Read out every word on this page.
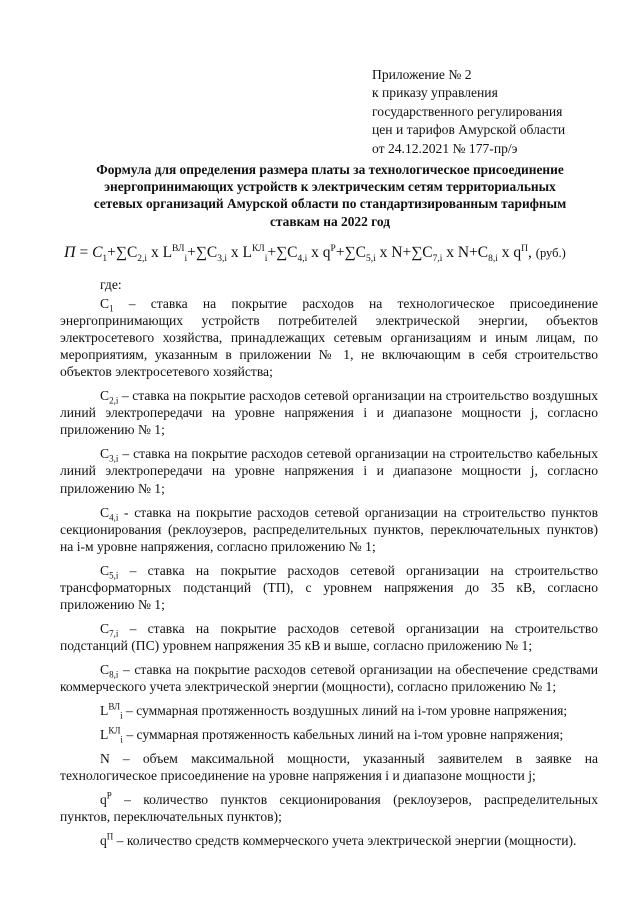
Приложение № 2
к приказу управления
государственного регулирования
цен и тарифов Амурской области
от 24.12.2021 № 177-пр/э
Формула для определения размера платы за технологическое присоединение
энергопринимающих устройств к электрическим сетям территориальных
сетевых организаций Амурской области по стандартизированным тарифным
ставкам на 2022 год
$П = C_1+\sum C_{2,i}$ x $L^{ВЛ}_i+\sum C_{3,i}$ x $L^{КЛ}_i+\sum C_{4,i}$ x $q^Р+\sum C_{5,i}$ x $N+\sum C_{7,i}$ x $N+C_{8,i}$ x $q^П$, (руб.)

где:

$C_1$ – ставка на покрытие расходов на технологическое присоединение энергопринимающих устройств потребителей электрической энергии, объектов электросетевого хозяйства, принадлежащих сетевым организациям и иным лицам, по мероприятиям, указанным в приложении № 1, не включающим в себя строительство объектов электросетевого хозяйства;

$C_{2,i}$ – ставка на покрытие расходов сетевой организации на строительство воздушных линий электропередачи на уровне напряжения i и диапазоне мощности j, согласно приложению № 1;

$C_{3,i}$ – ставка на покрытие расходов сетевой организации на строительство кабельных линий электропередачи на уровне напряжения i и диапазоне мощности j, согласно приложению № 1;

$C_{4,i}$ - ставка на покрытие расходов сетевой организации на строительство пунктов секционирования (реклоузеров, распределительных пунктов, переключательных пунктов) на i-м уровне напряжения, согласно приложению № 1;

$C_{5,i}$ – ставка на покрытие расходов сетевой организации на строительство трансформаторных подстанций (ТП), с уровнем напряжения до 35 кВ, согласно приложению № 1;

$C_{7,i}$ – ставка на покрытие расходов сетевой организации на строительство подстанций (ПС) уровнем напряжения 35 кВ и выше, согласно приложению № 1;

$C_{8,i}$ – ставка на покрытие расходов сетевой организации на обеспечение средствами коммерческого учета электрической энергии (мощности), согласно приложению № 1;

$L^{ВЛ}_i$ – суммарная протяженность воздушных линий на i-том уровне напряжения;

$L^{КЛ}_i$ – суммарная протяженность кабельных линий на i-том уровне напряжения;

N – объем максимальной мощности, указанный заявителем в заявке на технологическое присоединение на уровне напряжения i и диапазоне мощности j;

$q^Р$ – количество пунктов секционирования (реклоузеров, распределительных пунктов, переключательных пунктов);

$q^П$ – количество средств коммерческого учета электрической энергии (мощности).
